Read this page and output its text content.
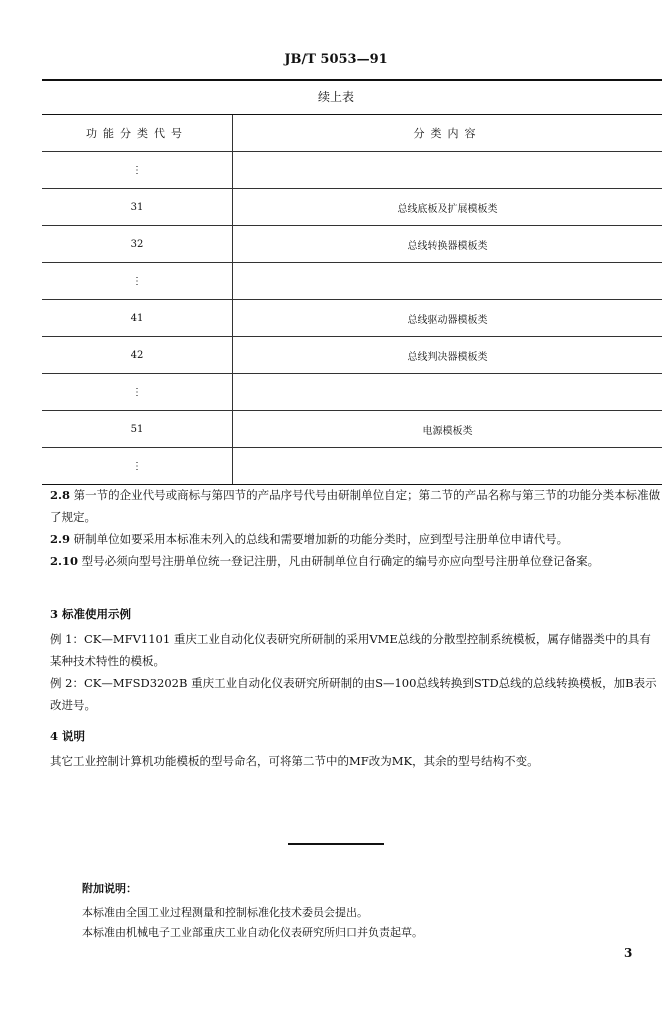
JB/T 5053—91
续上表
功能分类代号	分类内容
⋮
31	总线底板及扩展模板类
32	总线转换器模板类
⋮
41	总线驱动器模板类
42	总线判决器模板类
⋮
51	电源模板类
⋮
2.8 第一节的企业代号或商标与第四节的产品序号代号由研制单位自定；第二节的产品名称与第三节的功能分类本标准做了规定。
2.9 研制单位如要采用本标准未列入的总线和需要增加新的功能分类时，应到型号注册单位申请代号。
2.10 型号必须向型号注册单位统一登记注册，凡由研制单位自行确定的编号亦应向型号注册单位登记备案。
3 标准使用示例
例 1：CK—MFV1101 重庆工业自动化仪表研究所研制的采用VME总线的分散型控制系统模板，属存储器类中的具有某种技术特性的模板。
例 2：CK—MFSD3202B 重庆工业自动化仪表研究所研制的由S—100总线转换到STD总线的总线转换模板，加B表示改进号。
4 说明
其它工业控制计算机功能模板的型号命名，可将第二节中的MF改为MK，其余的型号结构不变。
附加说明：
本标准由全国工业过程测量和控制标准化技术委员会提出。
本标准由机械电子工业部重庆工业自动化仪表研究所归口并负责起草。
3
